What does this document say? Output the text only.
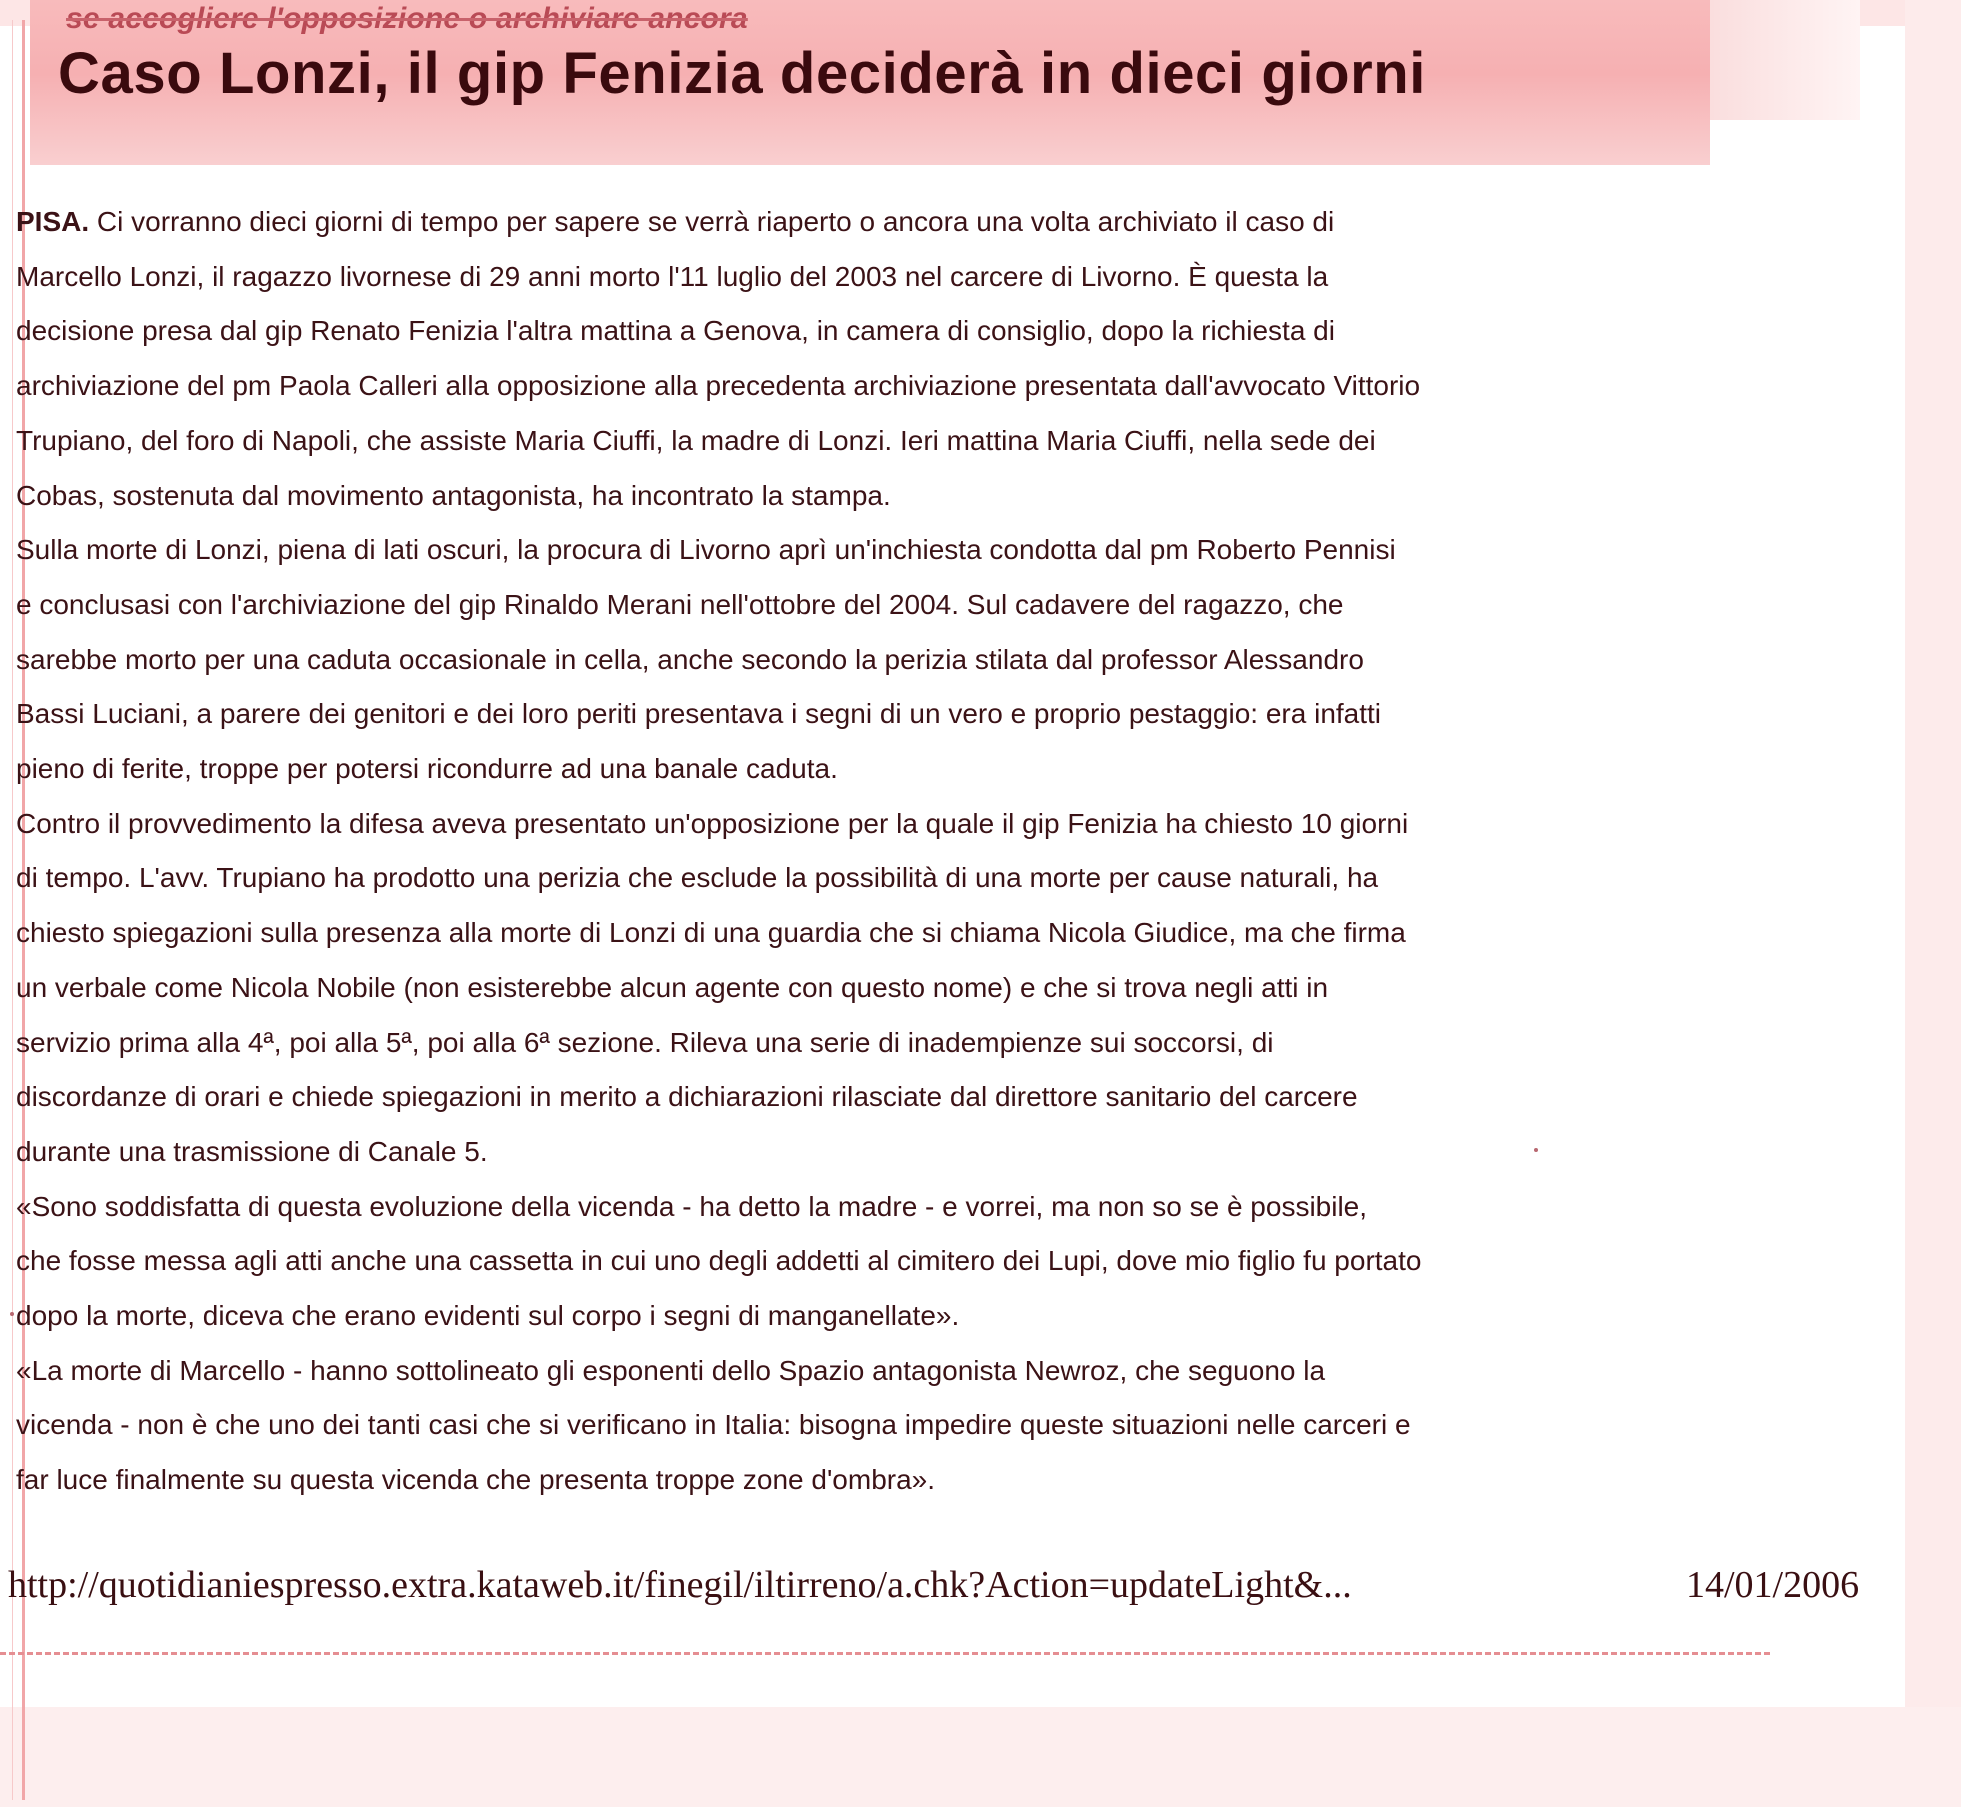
se accogliere l'opposizione o archiviare ancora
Caso Lonzi, il gip Fenizia deciderà in dieci giorni

PISA. Ci vorranno dieci giorni di tempo per sapere se verrà riaperto o ancora una volta archiviato il caso di

Marcello Lonzi, il ragazzo livornese di 29 anni morto l'11 luglio del 2003 nel carcere di Livorno. È questa la

decisione presa dal gip Renato Fenizia l'altra mattina a Genova, in camera di consiglio, dopo la richiesta di

archiviazione del pm Paola Calleri alla opposizione alla precedenta archiviazione presentata dall'avvocato Vittorio

Trupiano, del foro di Napoli, che assiste Maria Ciuffi, la madre di Lonzi. Ieri mattina Maria Ciuffi, nella sede dei

Cobas, sostenuta dal movimento antagonista, ha incontrato la stampa.

Sulla morte di Lonzi, piena di lati oscuri, la procura di Livorno aprì un'inchiesta condotta dal pm Roberto Pennisi

e conclusasi con l'archiviazione del gip Rinaldo Merani nell'ottobre del 2004. Sul cadavere del ragazzo, che

sarebbe morto per una caduta occasionale in cella, anche secondo la perizia stilata dal professor Alessandro

Bassi Luciani, a parere dei genitori e dei loro periti presentava i segni di un vero e proprio pestaggio: era infatti

pieno di ferite, troppe per potersi ricondurre ad una banale caduta.

Contro il provvedimento la difesa aveva presentato un'opposizione per la quale il gip Fenizia ha chiesto 10 giorni

di tempo. L'avv. Trupiano ha prodotto una perizia che esclude la possibilità di una morte per cause naturali, ha

chiesto spiegazioni sulla presenza alla morte di Lonzi di una guardia che si chiama Nicola Giudice, ma che firma

un verbale come Nicola Nobile (non esisterebbe alcun agente con questo nome) e che si trova negli atti in

servizio prima alla 4ª, poi alla 5ª, poi alla 6ª sezione. Rileva una serie di inadempienze sui soccorsi, di

discordanze di orari e chiede spiegazioni in merito a dichiarazioni rilasciate dal direttore sanitario del carcere

durante una trasmissione di Canale 5.

«Sono soddisfatta di questa evoluzione della vicenda - ha detto la madre - e vorrei, ma non so se è possibile,

che fosse messa agli atti anche una cassetta in cui uno degli addetti al cimitero dei Lupi, dove mio figlio fu portato

dopo la morte, diceva che erano evidenti sul corpo i segni di manganellate».

«La morte di Marcello - hanno sottolineato gli esponenti dello Spazio antagonista Newroz, che seguono la

vicenda - non è che uno dei tanti casi che si verificano in Italia: bisogna impedire queste situazioni nelle carceri e

far luce finalmente su questa vicenda che presenta troppe zone d'ombra».

http://quotidianiespresso.extra.kataweb.it/finegil/iltirreno/a.chk?Action=updateLight&...	14/01/2006
